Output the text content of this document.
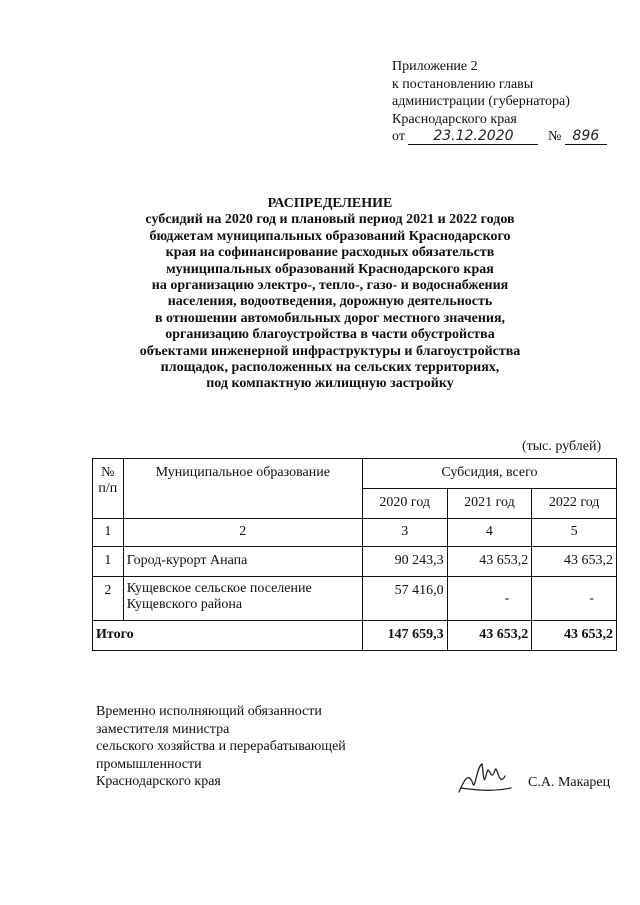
Приложение 2
к постановлению главы
администрации (губернатора)
Краснодарского края
от 23.12.2020 № 896
РАСПРЕДЕЛЕНИЕ
субсидий на 2020 год и плановый период 2021 и 2022 годов
бюджетам муниципальных образований Краснодарского
края на софинансирование расходных обязательств
муниципальных образований Краснодарского края
на организацию электро-, тепло-, газо- и водоснабжения
населения, водоотведения, дорожную деятельность
в отношении автомобильных дорог местного значения,
организацию благоустройства в части обустройства
объектами инженерной инфраструктуры и благоустройства
площадок, расположенных на сельских территориях,
под компактную жилищную застройку
(тыс. рублей)
№ п/п	Муниципальное образование	Субсидия, всего		
		2020 год	2021 год	2022 год
1	2	3	4	5
1	Город-курорт Анапа	90 243,3	43 653,2	43 653,2
2	Кущевское сельское поселение Кущевского района	57 416,0	-	-
Итого		147 659,3	43 653,2	43 653,2
Временно исполняющий обязанности
заместителя министра
сельского хозяйства и перерабатывающей
промышленности
Краснодарского края	С.А. Макарец
